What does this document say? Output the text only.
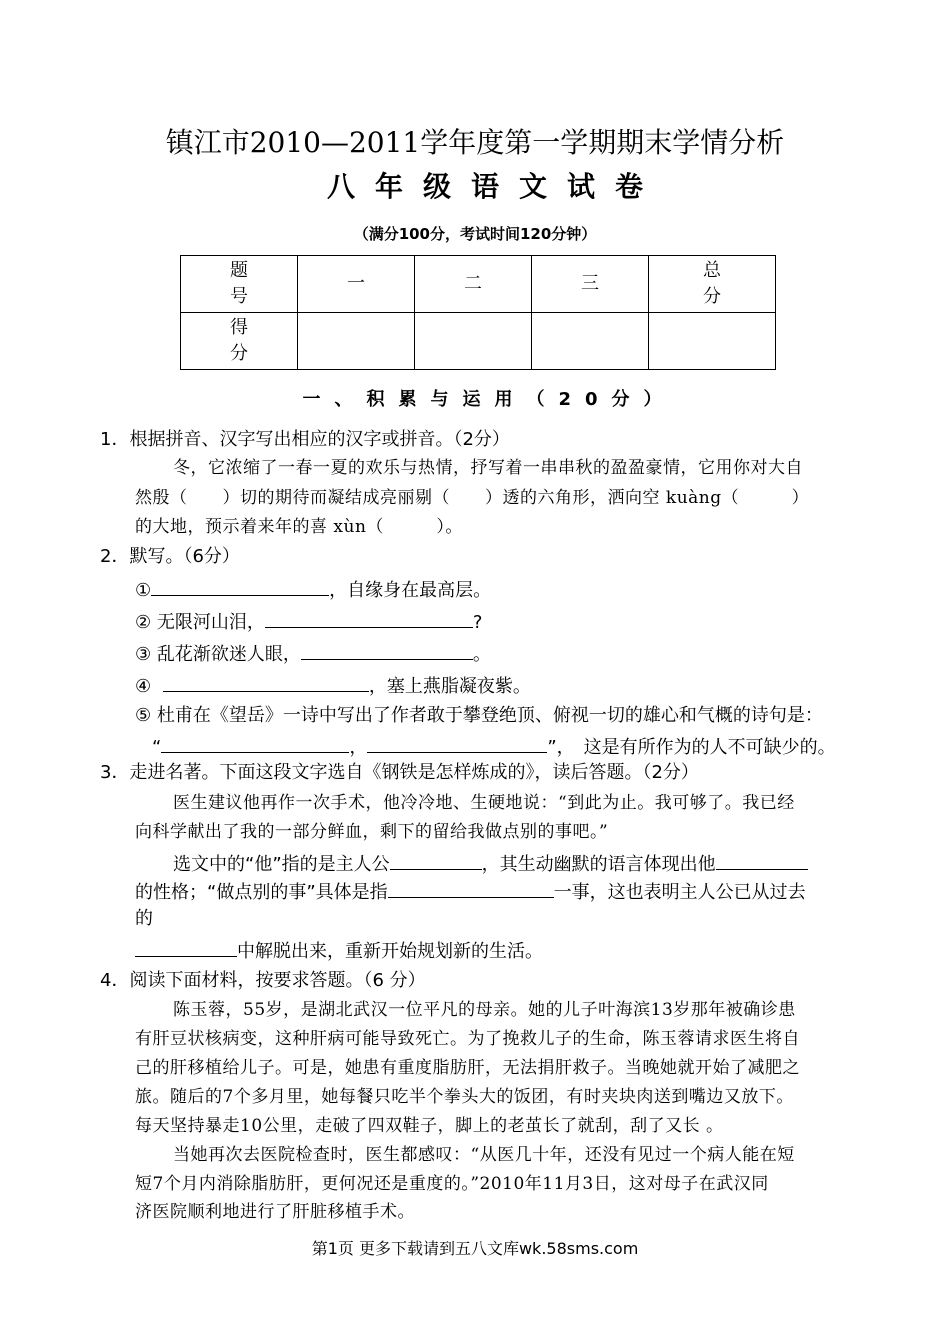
镇江市2010—2011学年度第一学期期末学情分析
八年级语文试卷
（满分100分，考试时间120分钟）
题号	一	二	三	总分

得分				

一、积累与运用（20分）
1．根据拼音、汉字写出相应的汉字或拼音。（2分）
冬，它浓缩了一春一夏的欢乐与热情，抒写着一串串秋的盈盈豪情，它用你对大自
然殷（　　）切的期待而凝结成亮丽剔（　　）透的六角形，洒向空 kuàng（　　　）
的大地，预示着来年的喜 xùn（　　　）。
2．默写。（6分）
①	，自缘身在最高层。
② 无限河山泪，	?
③ 乱花渐欲迷人眼，	。
④	，塞上燕脂凝夜紫。
⑤ 杜甫在《望岳》一诗中写出了作者敢于攀登绝顶、俯视一切的雄心和气概的诗句是：
“	，	”，　这是有所作为的人不可缺少的。
3．走进名著。下面这段文字选自《钢铁是怎样炼成的》，读后答题。（2分）
医生建议他再作一次手术，他冷冷地、生硬地说：“到此为止。我可够了。我已经
向科学献出了我的一部分鲜血，剩下的留给我做点别的事吧。”
选文中的“他”指的是主人公	，其生动幽默的语言体现出他
的性格；“做点别的事”具体是指	一事，这也表明主人公已从过去
的
中解脱出来，重新开始规划新的生活。
4．阅读下面材料，按要求答题。（6 分）
陈玉蓉，55岁，是湖北武汉一位平凡的母亲。她的儿子叶海滨13岁那年被确诊患
有肝豆状核病变，这种肝病可能导致死亡。为了挽救儿子的生命，陈玉蓉请求医生将自
己的肝移植给儿子。可是，她患有重度脂肪肝，无法捐肝救子。当晚她就开始了减肥之
旅。随后的7个多月里，她每餐只吃半个拳头大的饭团，有时夹块肉送到嘴边又放下。
每天坚持暴走10公里，走破了四双鞋子，脚上的老茧长了就刮，刮了又长 。
当她再次去医院检查时，医生都感叹：“从医几十年，还没有见过一个病人能在短
短7个月内消除脂肪肝，更何况还是重度的。”2010年11月3日，这对母子在武汉同
济医院顺利地进行了肝脏移植手术。
第1页 更多下载请到五八文库wk.58sms.com
